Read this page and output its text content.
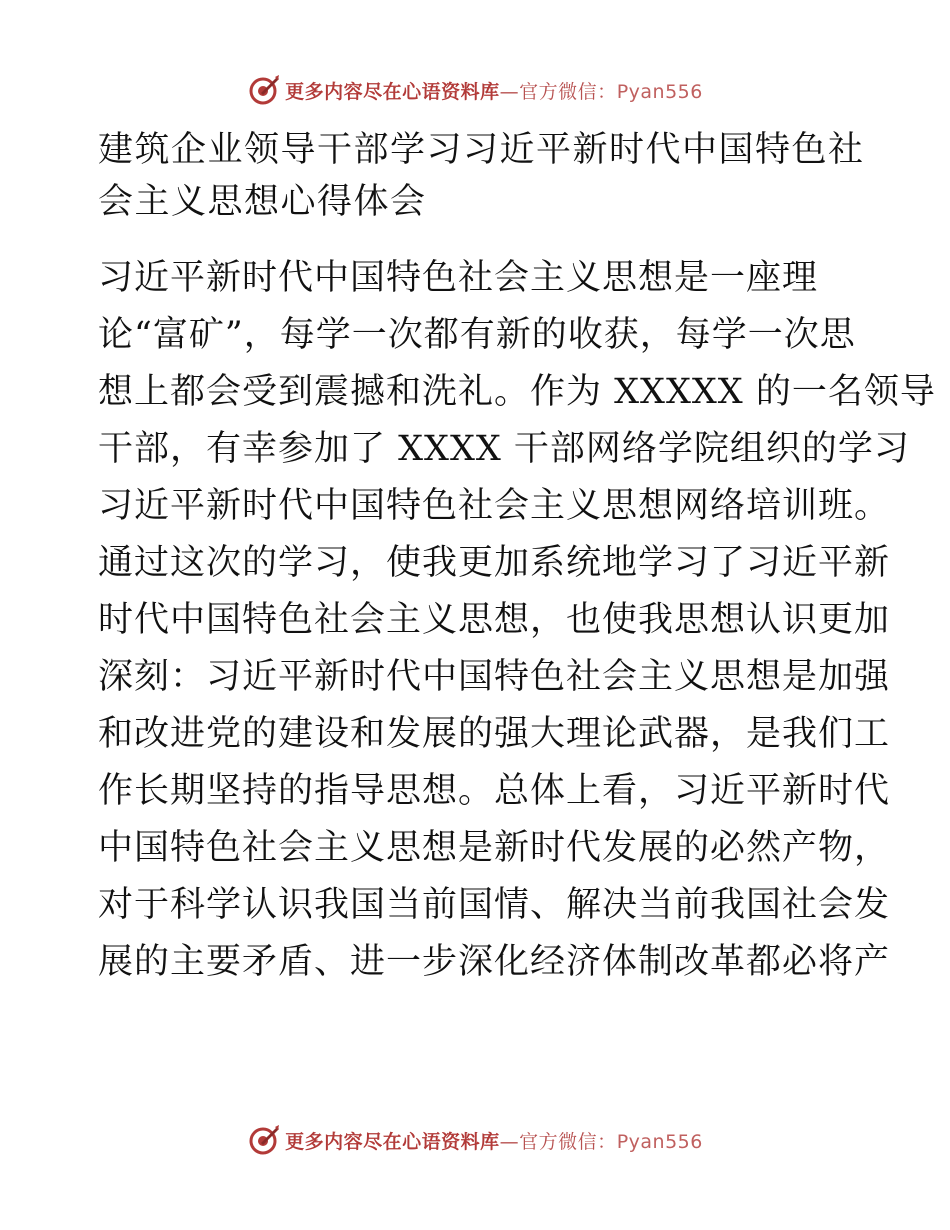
更多内容尽在心语资料库—官方微信：Pyan556
建筑企业领导干部学习习近平新时代中国特色社
会主义思想心得体会
习近平新时代中国特色社会主义思想是一座理
论“富矿”，每学一次都有新的收获，每学一次思
想上都会受到震撼和洗礼。作为 XXXXX 的一名领导
干部，有幸参加了 XXXX 干部网络学院组织的学习
习近平新时代中国特色社会主义思想网络培训班。
通过这次的学习，使我更加系统地学习了习近平新
时代中国特色社会主义思想，也使我思想认识更加
深刻：习近平新时代中国特色社会主义思想是加强
和改进党的建设和发展的强大理论武器，是我们工
作长期坚持的指导思想。总体上看，习近平新时代
中国特色社会主义思想是新时代发展的必然产物，
对于科学认识我国当前国情、解决当前我国社会发
展的主要矛盾、进一步深化经济体制改革都必将产
更多内容尽在心语资料库—官方微信：Pyan556
